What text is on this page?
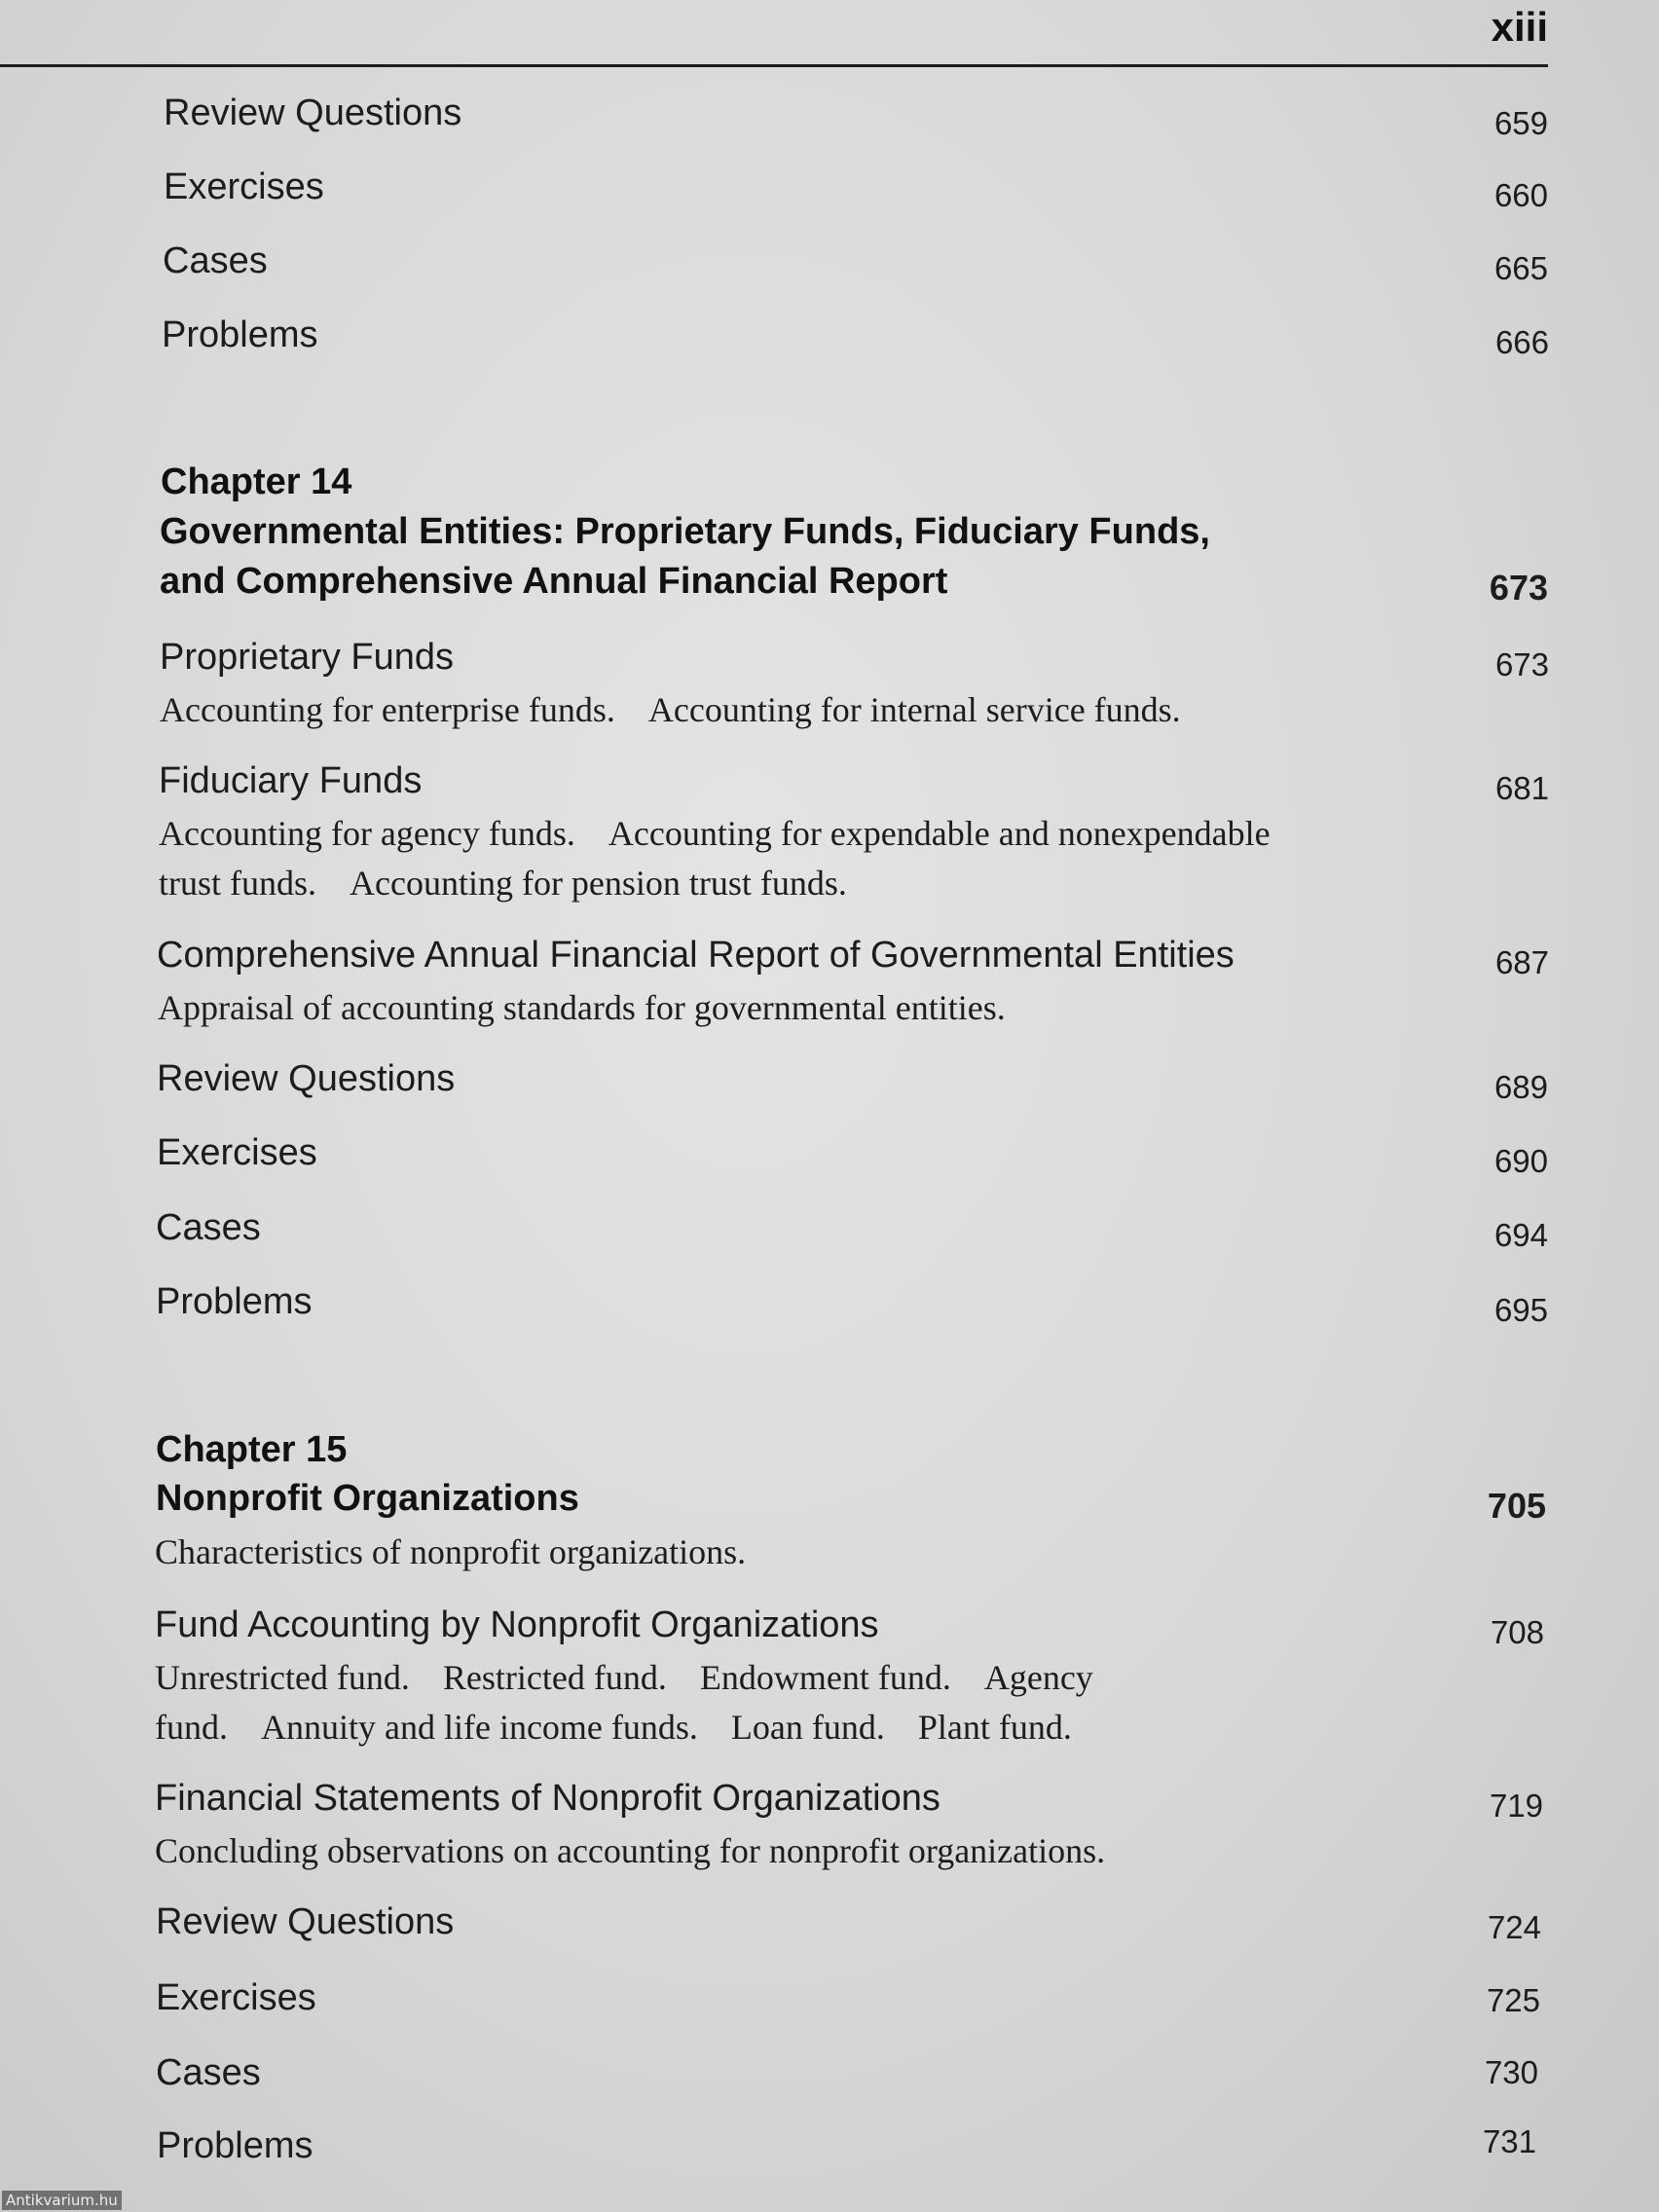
xiii
Review Questions	659
Exercises	660
Cases	665
Problems	666
Chapter 14
Governmental Entities: Proprietary Funds, Fiduciary Funds,
and Comprehensive Annual Financial Report	673
Proprietary Funds	673
Accounting for enterprise funds. Accounting for internal service funds.
Fiduciary Funds	681
Accounting for agency funds. Accounting for expendable and nonexpendable
trust funds. Accounting for pension trust funds.
Comprehensive Annual Financial Report of Governmental Entities	687
Appraisal of accounting standards for governmental entities.
Review Questions	689
Exercises	690
Cases	694
Problems	695
Chapter 15
Nonprofit Organizations	705
Characteristics of nonprofit organizations.
Fund Accounting by Nonprofit Organizations	708
Unrestricted fund. Restricted fund. Endowment fund. Agency
fund. Annuity and life income funds. Loan fund. Plant fund.
Financial Statements of Nonprofit Organizations	719
Concluding observations on accounting for nonprofit organizations.
Review Questions	724
Exercises	725
Cases	730
Problems	731
Antikvarium.hu
